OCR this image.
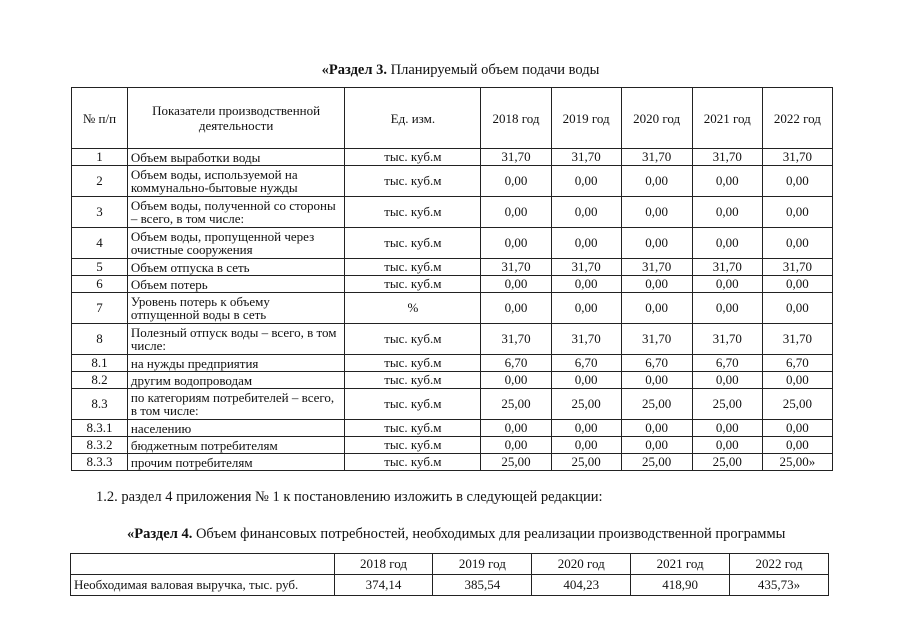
«Раздел 3. Планируемый объем подачи воды
№ п/п	Показатели производственной деятельности	Ед. изм.	2018 год	2019 год	2020 год	2021 год	2022 год
1	Объем выработки воды	тыс. куб.м	31,70	31,70	31,70	31,70	31,70
2	Объем воды, используемой на коммунально-бытовые нужды	тыс. куб.м	0,00	0,00	0,00	0,00	0,00
3	Объем воды, полученной со стороны – всего, в том числе:	тыс. куб.м	0,00	0,00	0,00	0,00	0,00
4	Объем воды, пропущенной через очистные сооружения	тыс. куб.м	0,00	0,00	0,00	0,00	0,00
5	Объем отпуска в сеть	тыс. куб.м	31,70	31,70	31,70	31,70	31,70
6	Объем потерь	тыс. куб.м	0,00	0,00	0,00	0,00	0,00
7	Уровень потерь к объему отпущенной воды в сеть	%	0,00	0,00	0,00	0,00	0,00
8	Полезный отпуск воды – всего, в том числе:	тыс. куб.м	31,70	31,70	31,70	31,70	31,70
8.1	на нужды предприятия	тыс. куб.м	6,70	6,70	6,70	6,70	6,70
8.2	другим водопроводам	тыс. куб.м	0,00	0,00	0,00	0,00	0,00
8.3	по категориям потребителей – всего, в том числе:	тыс. куб.м	25,00	25,00	25,00	25,00	25,00
8.3.1	населению	тыс. куб.м	0,00	0,00	0,00	0,00	0,00
8.3.2	бюджетным потребителям	тыс. куб.м	0,00	0,00	0,00	0,00	0,00
8.3.3	прочим потребителям	тыс. куб.м	25,00	25,00	25,00	25,00	25,00»
1.2. раздел 4 приложения № 1 к постановлению изложить в следующей редакции:
«Раздел 4. Объем финансовых потребностей, необходимых для реализации производственной программы
	2018 год	2019 год	2020 год	2021 год	2022 год
Необходимая валовая выручка, тыс. руб.	374,14	385,54	404,23	418,90	435,73»
